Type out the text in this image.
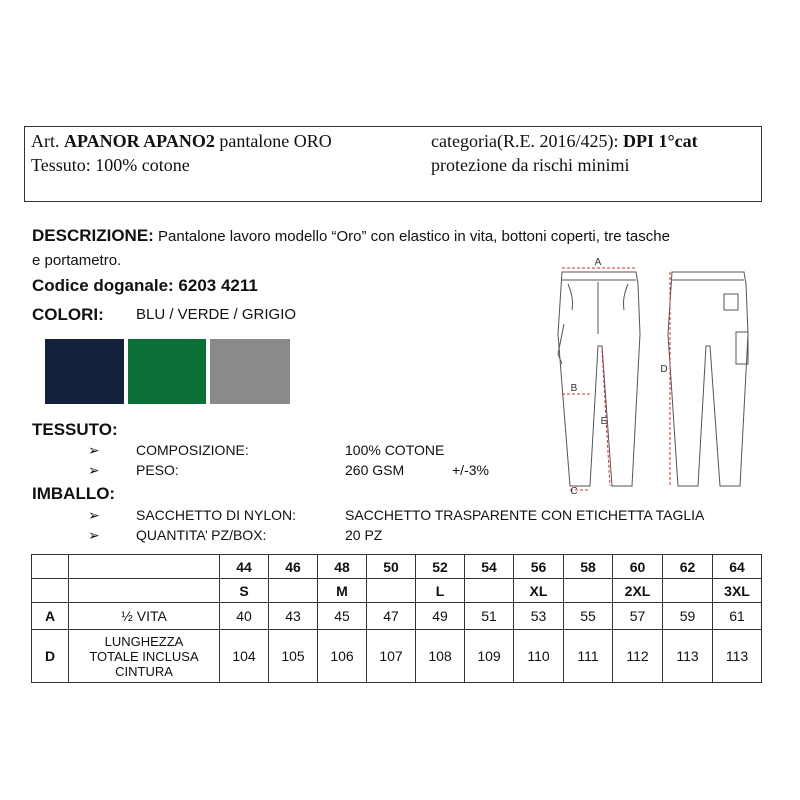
Art. APANOR APANO2 pantalone ORO
Tessuto: 100% cotone
categoria(R.E. 2016/425): DPI 1°cat
protezione da rischi minimi
DESCRIZIONE: Pantalone lavoro modello “Oro” con elastico in vita, bottoni coperti, tre tasche
e portametro.
Codice doganale: 6203 4211
COLORI: BLU / VERDE / GRIGIO
TESSUTO:
➢	COMPOSIZIONE:	100% COTONE
➢	PESO:	260 GSM	+/-3%
IMBALLO:
➢	SACCHETTO DI NYLON:	SACCHETTO TRASPARENTE CON ETICHETTA TAGLIA
➢	QUANTITA’ PZ/BOX:	20 PZ
A
B
C
D
E
		44	46	48	50	52	54	56	58	60	62	64
		S		M		L		XL		2XL		3XL
A	½ VITA	40	43	45	47	49	51	53	55	57	59	61
D	LUNGHEZZA
TOTALE INCLUSA
CINTURA	104	105	106	107	108	109	110	111	112	113	113
